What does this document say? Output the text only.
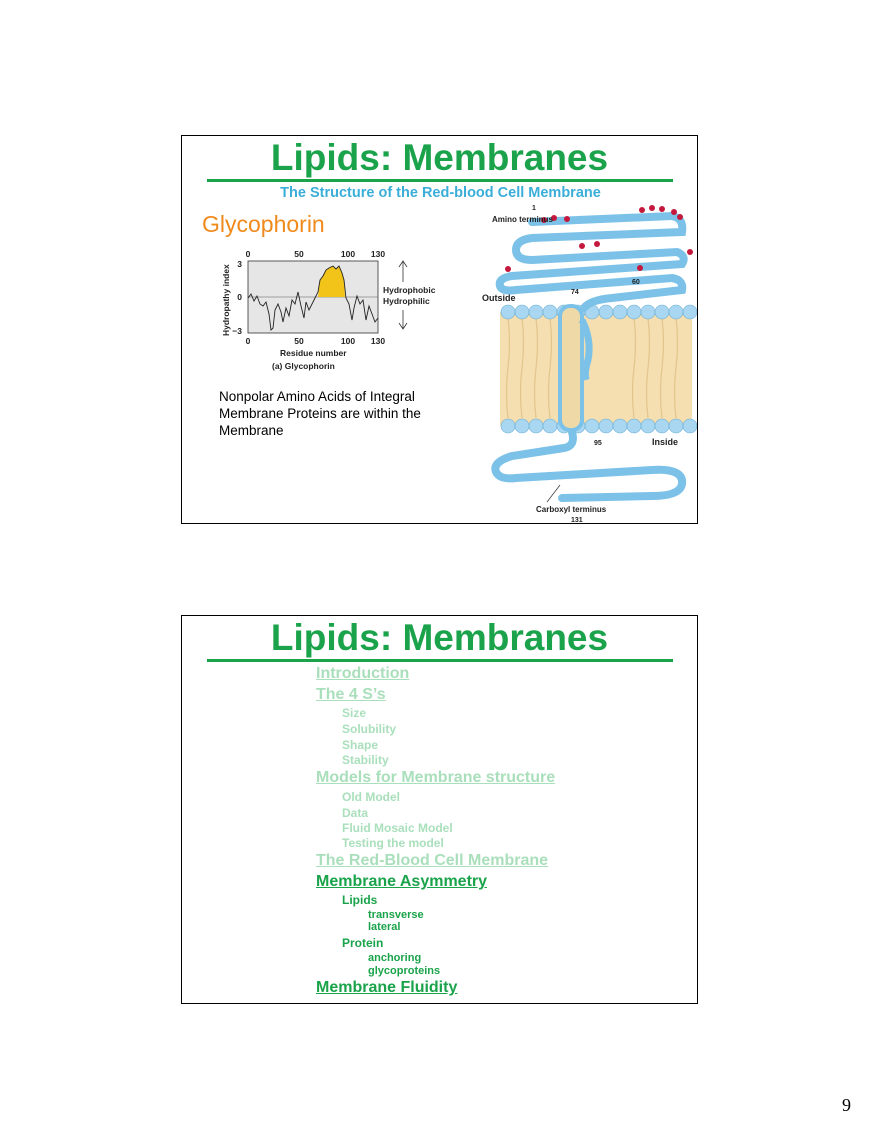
Lipids: Membranes
The Structure of the Red-blood Cell Membrane
Glycophorin
0	50	100 130
3
0
−3
Hydropathy index
0	50	100 130
Residue number
(a) Glycophorin
Hydrophobic
Hydrophilic
Nonpolar Amino Acids of Integral Membrane Proteins are within the Membrane
Amino terminus
1
60
74
95
131
Outside
Inside
Carboxyl terminus
Lipids: Membranes
Introduction
The 4 S’s
Size
Solubility
Shape
Stability
Models for Membrane structure
Old Model
Data
Fluid Mosaic Model
Testing the model
The Red-Blood Cell Membrane
Membrane Asymmetry
Lipids
transverse
lateral
Protein
anchoring
glycoproteins
Membrane Fluidity
9
